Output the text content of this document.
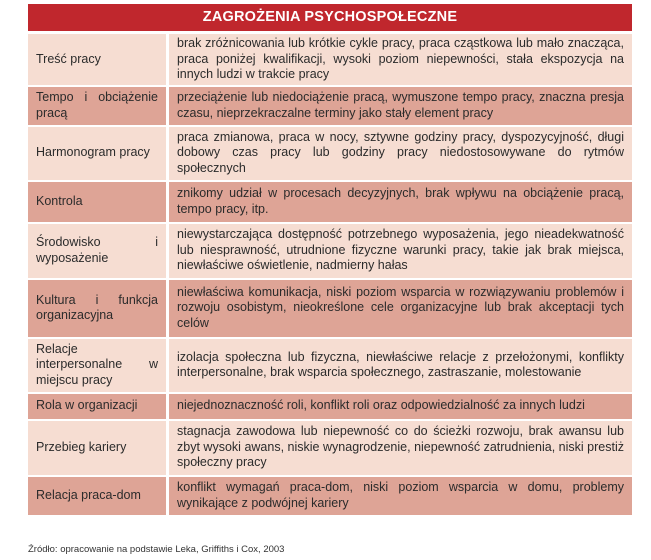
ZAGROŻENIA PSYCHOSPOŁECZNE
Treść pracy	brak zróżnicowania lub krótkie cykle pracy, praca cząstkowa lub mało znacząca, praca poniżej kwalifikacji, wysoki poziom niepewności, stała ekspozycja na innych ludzi w trakcie pracy
Tempo i obciążenie pracą	przeciążenie lub niedociążenie pracą, wymuszone tempo pracy, znaczna presja czasu, nieprzekraczalne terminy jako stały element pracy
Harmonogram pracy	praca zmianowa, praca w nocy, sztywne godziny pracy, dyspozycyjność, długi dobowy czas pracy lub godziny pracy niedostosowywane do rytmów społecznych
Kontrola	znikomy udział w procesach decyzyjnych, brak wpływu na obciążenie pracą, tempo pracy, itp.
Środowisko i wyposażenie	niewystarczająca dostępność potrzebnego wyposażenia, jego nieadekwatność lub niesprawność, utrudnione fizyczne warunki pracy, takie jak brak miejsca, niewłaściwe oświetlenie, nadmierny hałas
Kultura i funkcja organizacyjna	niewłaściwa komunikacja, niski poziom wsparcia w rozwiązywaniu problemów i rozwoju osobistym, nieokreślone cele organizacyjne lub brak akceptacji tych celów
Relacje interpersonalne w miejscu pracy	izolacja społeczna lub fizyczna, niewłaściwe relacje z przełożonymi, konflikty interpersonalne, brak wsparcia społecznego, zastraszanie, molestowanie
Rola w organizacji	niejednoznaczność roli, konflikt roli oraz odpowiedzialność za innych ludzi
Przebieg kariery	stagnacja zawodowa lub niepewność co do ścieżki rozwoju, brak awansu lub zbyt wysoki awans, niskie wynagrodzenie, niepewność zatrudnienia, niski prestiż społeczny pracy
Relacja praca-dom	konflikt wymagań praca-dom, niski poziom wsparcia w domu, problemy wynikające z podwójnej kariery
Źródło: opracowanie na podstawie Leka, Griffiths i Cox, 2003
